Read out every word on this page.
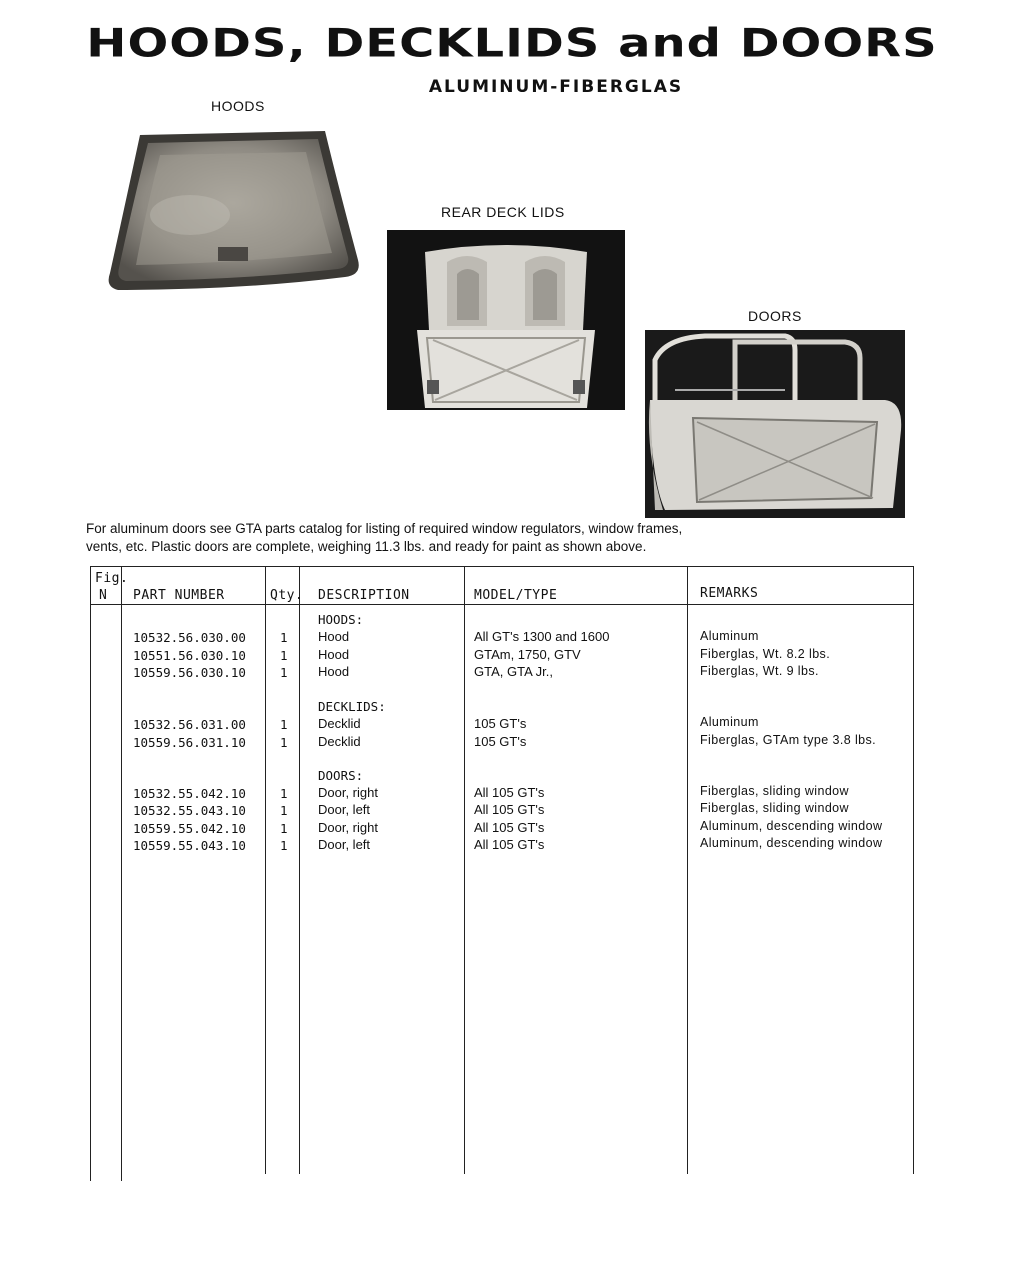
HOODS, DECKLIDS and DOORS
ALUMINUM-FIBERGLAS
HOODS
REAR DECK LIDS
DOORS
For aluminum doors see GTA parts catalog for listing of required window regulators, window frames,
vents, etc. Plastic doors are complete, weighing 11.3 lbs. and ready for paint as shown above.
Fig.
N PART NUMBER	Qty. DESCRIPTION	MODEL/TYPE	REMARKS
HOODS:
10532.56.030.00	1 Hood	All GT's 1300 and 1600	Aluminum
10551.56.030.10	1 Hood	GTAm, 1750, GTV	Fiberglas, Wt. 8.2 lbs.
10559.56.030.10	1 Hood	GTA, GTA Jr.,	Fiberglas, Wt. 9 lbs.
DECKLIDS:
10532.56.031.00	1 Decklid	105 GT's	Aluminum
10559.56.031.10	1 Decklid	105 GT's	Fiberglas, GTAm type 3.8 lbs.
DOORS:
10532.55.042.10	1 Door, right	All 105 GT's	Fiberglas, sliding window
10532.55.043.10	1 Door, left	All 105 GT's	Fiberglas, sliding window
10559.55.042.10	1 Door, right	All 105 GT's	Aluminum, descending window
10559.55.043.10	1 Door, left	All 105 GT's	Aluminum, descending window
